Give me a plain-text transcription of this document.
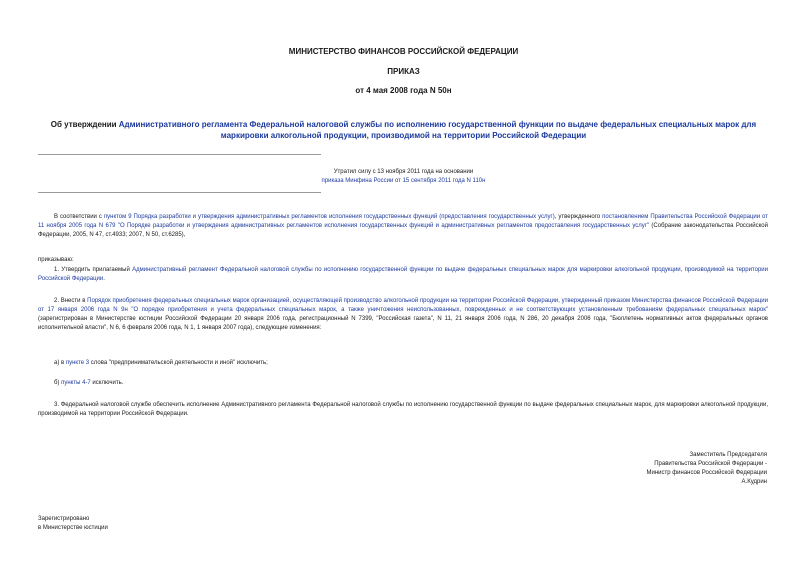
МИНИСТЕРСТВО ФИНАНСОВ РОССИЙСКОЙ ФЕДЕРАЦИИ
ПРИКАЗ
от 4 мая 2008 года N 50н
Об утверждении Административного регламента Федеральной налоговой службы по исполнению государственной функции по выдаче федеральных специальных марок для маркировки алкогольной продукции, производимой на территории Российской Федерации
Утратил силу с 13 ноября 2011 года на основании
приказа Минфина России от 15 сентября 2011 года N 110н
В соответствии с пунктом 9 Порядка разработки и утверждения административных регламентов исполнения государственных функций (предоставления государственных услуг), утвержденного постановлением Правительства Российской Федерации от 11 ноября 2005 года N 679 "О Порядке разработки и утверждения административных регламентов исполнения государственных функций и административных регламентов предоставления государственных услуг" (Собрание законодательства Российской Федерации, 2005, N 47, ст.4933; 2007, N 50, ст.6285),
приказываю:
1. Утвердить прилагаемый Административный регламент Федеральной налоговой службы по исполнению государственной функции по выдаче федеральных специальных марок для маркировки алкогольной продукции, производимой на территории Российской Федерации.
2. Внести в Порядок приобретения федеральных специальных марок организацией, осуществляющей производство алкогольной продукции на территории Российской Федерации, утвержденный приказом Министерства финансов Российской Федерации от 17 января 2006 года N 9н "О порядке приобретения и учета федеральных специальных марок, а также уничтожения неиспользованных, поврежденных и не соответствующих установленным требованиям федеральных специальных марок" (зарегистрирован в Министерстве юстиции Российской Федерации 20 января 2006 года, регистрационный N 7399, "Российская газета", N 11, 21 января 2006 года, N 286, 20 декабря 2006 года, "Бюллетень нормативных актов федеральных органов исполнительной власти", N 6, 6 февраля 2006 года, N 1, 1 января 2007 года), следующие изменения:
а) в пункте 3 слова "предпринимательской деятельности и иной" исключить;
б) пункты 4-7 исключить.
3. Федеральной налоговой службе обеспечить исполнение Административного регламента Федеральной налоговой службы по исполнению государственной функции по выдаче федеральных специальных марок, для маркировки алкогольной продукции, производимой на территории Российской Федерации.
Заместитель Председателя
Правительства Российской Федерации -
Министр финансов Российской Федерации
А.Кудрин
Зарегистрировано
в Министерстве юстиции
